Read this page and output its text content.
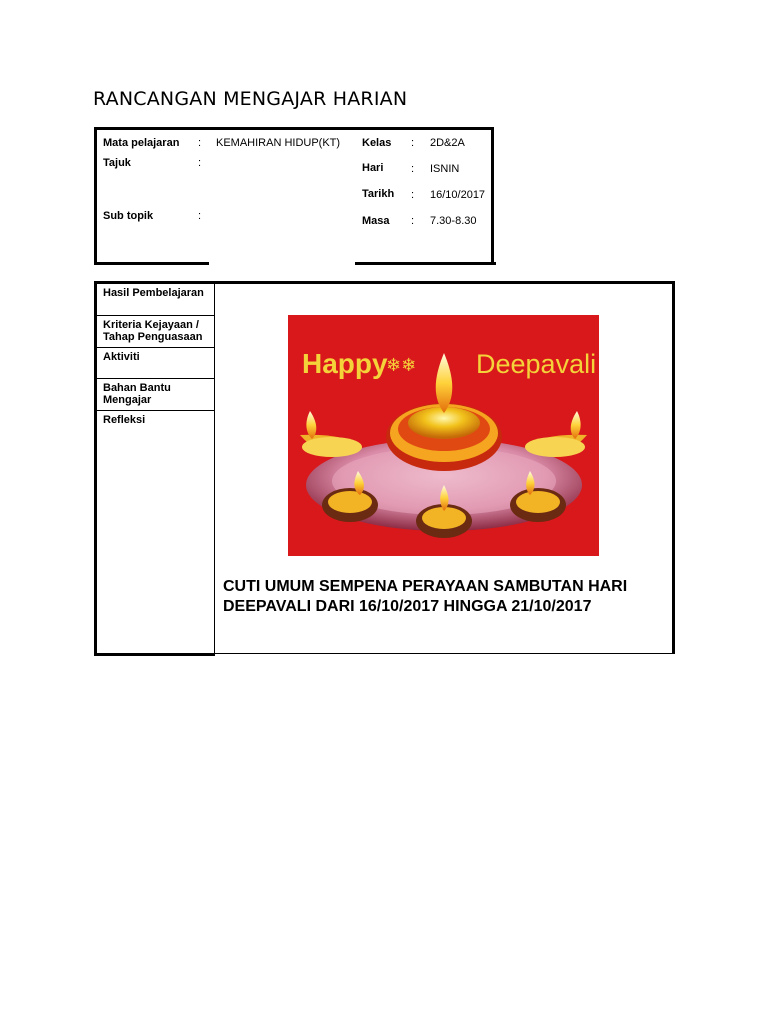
RANCANGAN MENGAJAR HARIAN
Mata pelajaran : KEMAHIRAN HIDUP(KT)
Tajuk	:
Sub topik	:
Kelas : 2D&2A
Hari	: ISNIN
Tarikh : 16/10/2017
Masa : 7.30-8.30
Hasil Pembelajaran
Kriteria Kejayaan / Tahap Penguasaan
Aktiviti
Bahan Bantu Mengajar
Refleksi
Happy
❄❄ Deepavali
CUTI UMUM SEMPENA PERAYAAN SAMBUTAN HARI DEEPAVALI DARI 16/10/2017 HINGGA 21/10/2017
